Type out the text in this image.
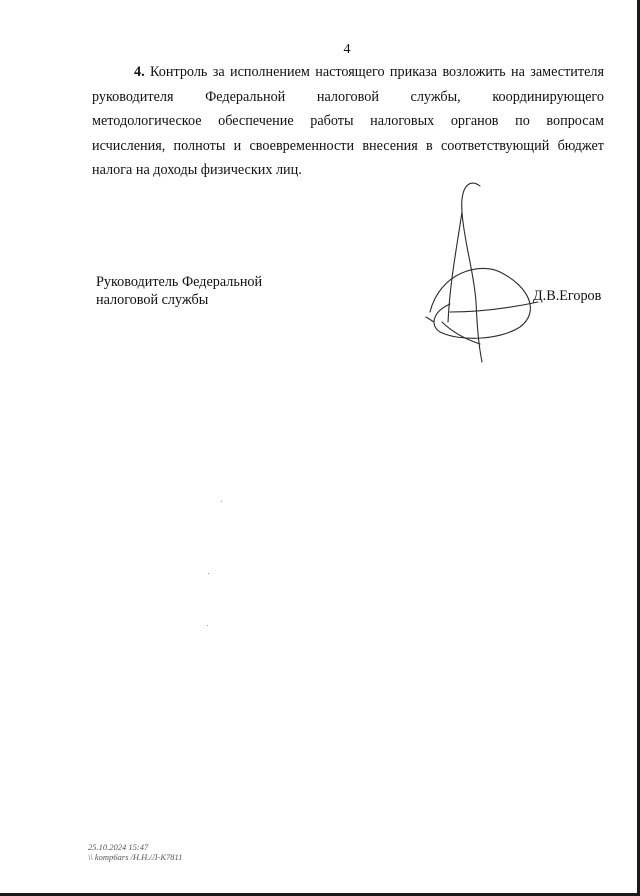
4
4. Контроль за исполнением настоящего приказа возложить на заместителя
руководителя Федеральной налоговой службы, координирующего
методологическое обеспечение работы налоговых органов по вопросам
исчисления, полноты и своевременности внесения в соответствующий бюджет
налога на доходы физических лиц.
Руководитель Федеральной
налоговой службы	Д.В.Егоров
25.10.2024 15:47
\\ komp6ars /Н.Н./Л-К7811
